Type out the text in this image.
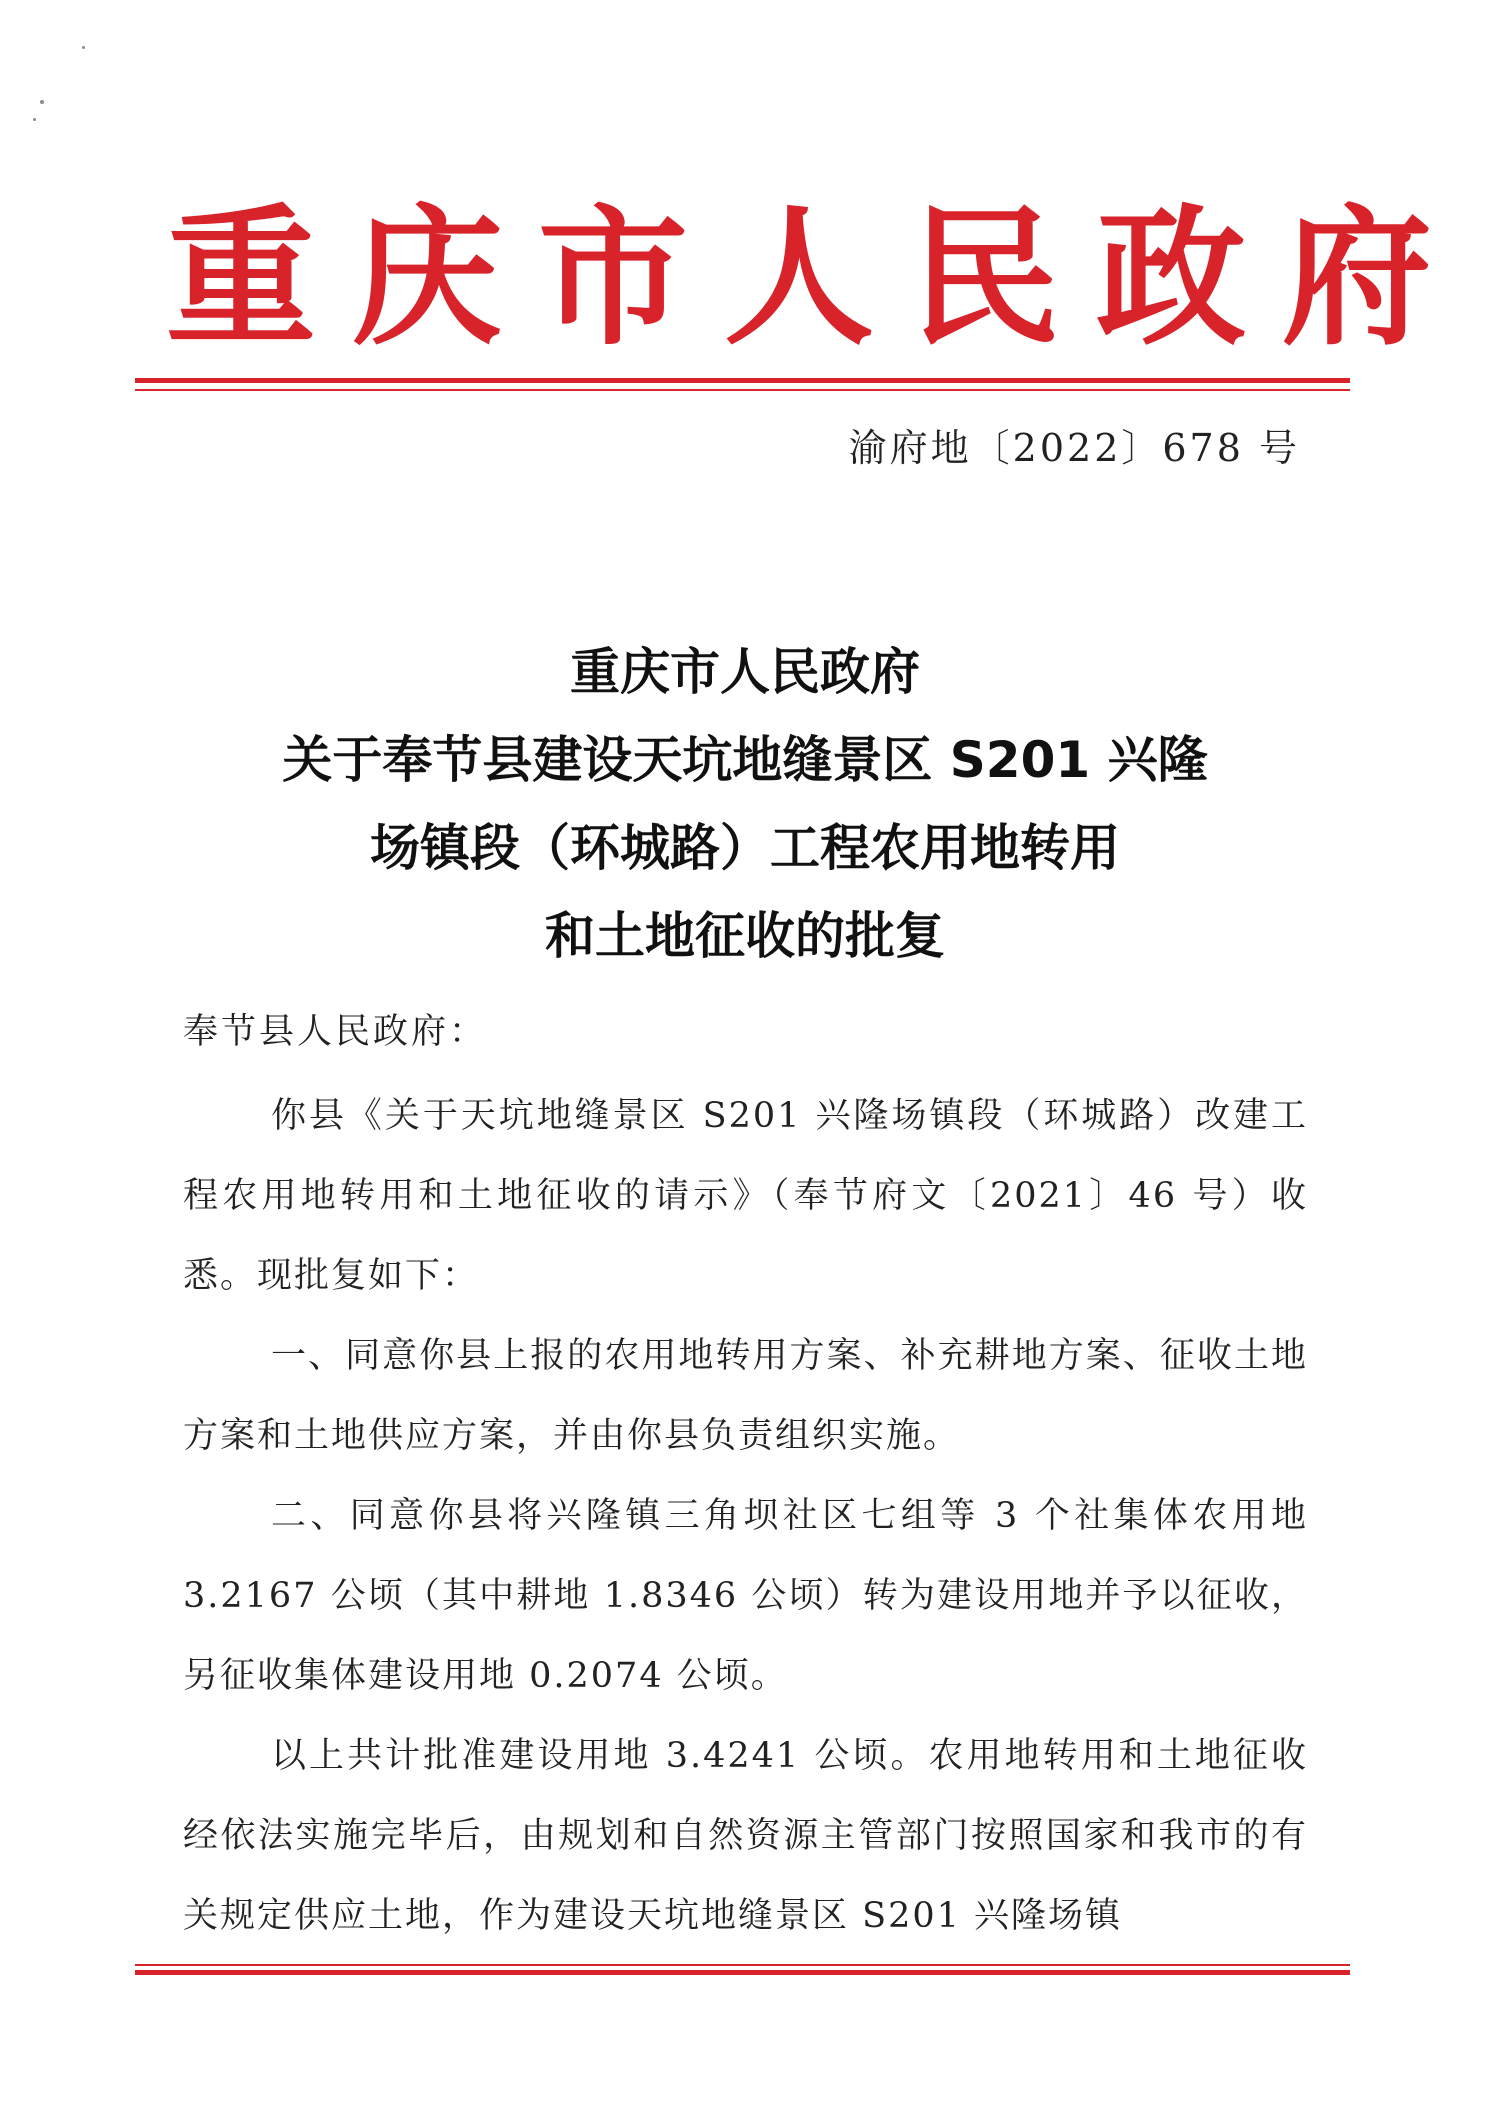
重庆市人民政府
渝府地〔2022〕678 号
重庆市人民政府
关于奉节县建设天坑地缝景区 S201 兴隆
场镇段（环城路）工程农用地转用
和土地征收的批复

奉节县人民政府：

你县《关于天坑地缝景区 S201 兴隆场镇段（环城路）改建工程农用地转用和土地征收的请示》（奉节府文〔2021〕46 号）收悉。现批复如下：

一、同意你县上报的农用地转用方案、补充耕地方案、征收土地方案和土地供应方案，并由你县负责组织实施。

二、同意你县将兴隆镇三角坝社区七组等 3 个社集体农用地 3.2167 公顷（其中耕地 1.8346 公顷）转为建设用地并予以征收，另征收集体建设用地 0.2074 公顷。

以上共计批准建设用地 3.4241 公顷。农用地转用和土地征收经依法实施完毕后，由规划和自然资源主管部门按照国家和我市的有关规定供应土地，作为建设天坑地缝景区 S201 兴隆场镇
